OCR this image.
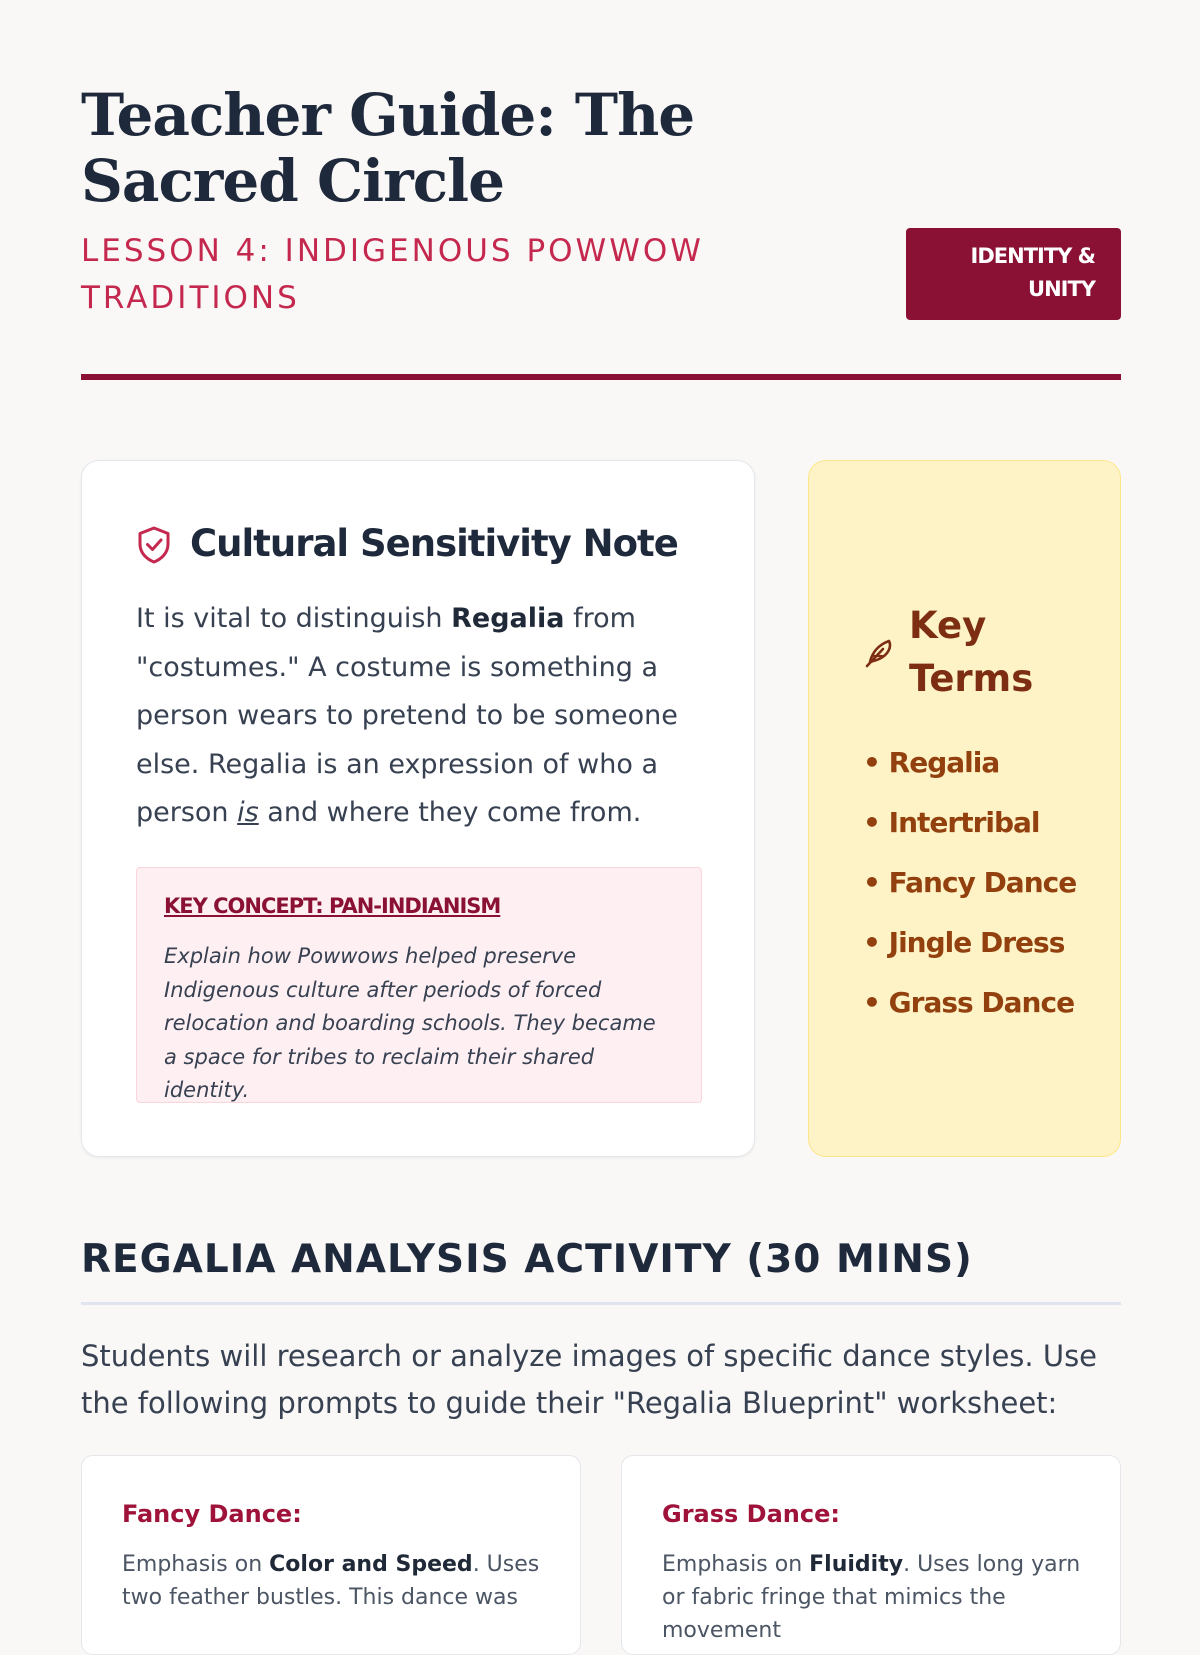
Teacher Guide: The Sacred Circle
LESSON 4: INDIGENOUS POWWOW TRADITIONS
IDENTITY & UNITY
Cultural Sensitivity Note

It is vital to distinguish Regalia from "costumes." A costume is something a person wears to pretend to be someone else. Regalia is an expression of who a person is and where they come from.

KEY CONCEPT: PAN-INDIANISM

Explain how Powwows helped preserve Indigenous culture after periods of forced relocation and boarding schools. They became a space for tribes to reclaim their shared identity.

Key Terms
• Regalia
• Intertribal
• Fancy Dance
• Jingle Dress
• Grass Dance
REGALIA ANALYSIS ACTIVITY (30 MINS)

Students will research or analyze images of specific dance styles. Use the following prompts to guide their "Regalia Blueprint" worksheet:

Fancy Dance:

Emphasis on Color and Speed. Uses two feather bustles. This dance was

Grass Dance:

Emphasis on Fluidity. Uses long yarn or fabric fringe that mimics the movement
